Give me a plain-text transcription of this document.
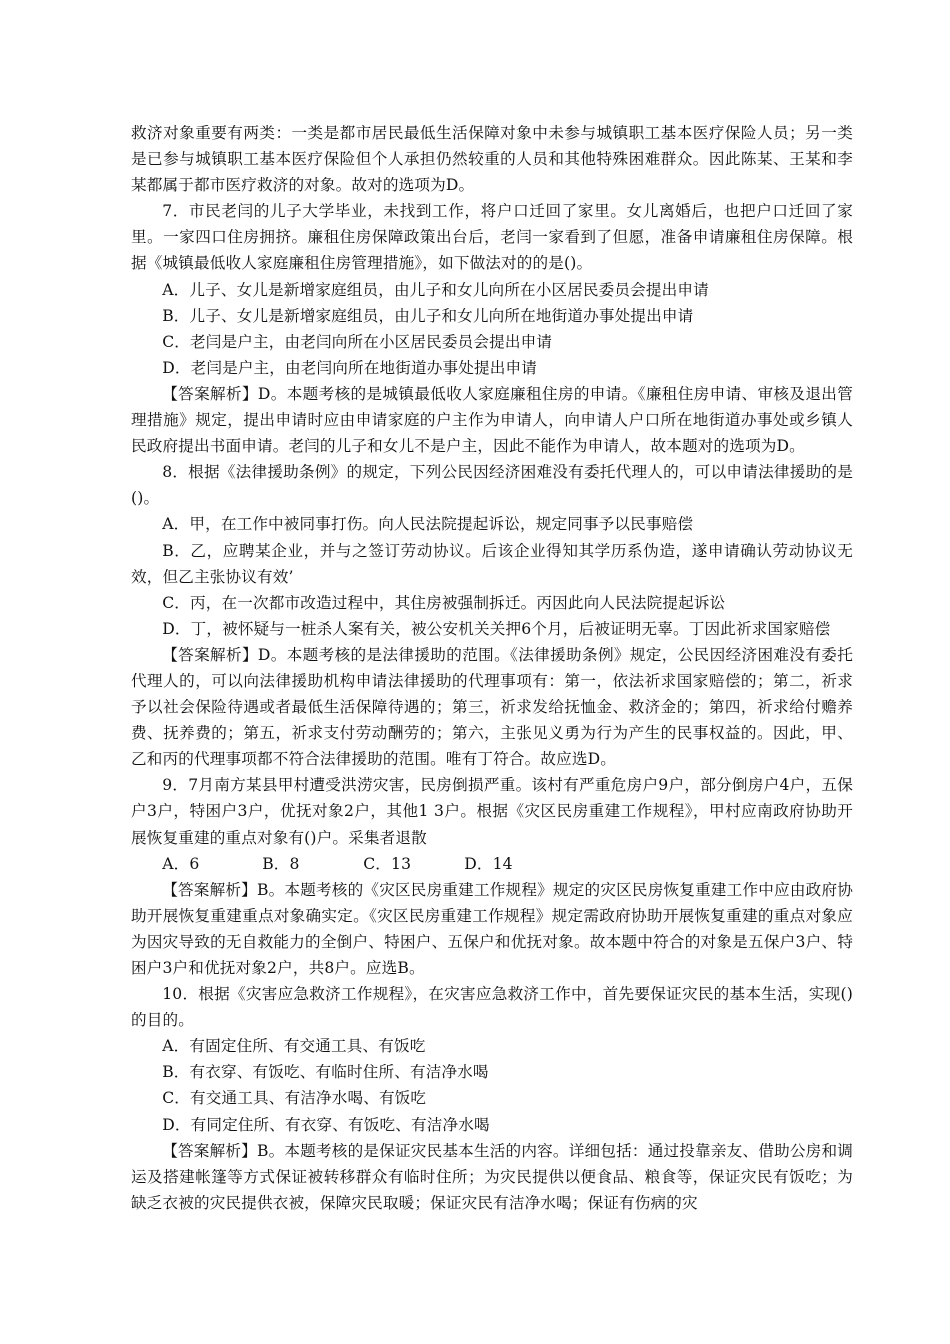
救济对象重要有两类：一类是都市居民最低生活保障对象中未参与城镇职工基本医疗保险人员；另一类是已参与城镇职工基本医疗保险但个人承担仍然较重的人员和其他特殊困难群众。因此陈某、王某和李某都属于都市医疗救济的对象。故对的选项为D。

7．市民老闫的儿子大学毕业，未找到工作，将户口迁回了家里。女儿离婚后，也把户口迁回了家里。一家四口住房拥挤。廉租住房保障政策出台后，老闫一家看到了但愿，准备申请廉租住房保障。根据《城镇最低收人家庭廉租住房管理措施》，如下做法对的的是()。

A．儿子、女儿是新增家庭组员，由儿子和女儿向所在小区居民委员会提出申请

B．儿子、女儿是新增家庭组员，由儿子和女儿向所在地街道办事处提出申请

C．老闫是户主，由老闫向所在小区居民委员会提出申请

D．老闫是户主，由老闫向所在地街道办事处提出申请

【答案解析】D。本题考核的是城镇最低收人家庭廉租住房的申请。《廉租住房申请、审核及退出管理措施》规定，提出申请时应由申请家庭的户主作为申请人，向申请人户口所在地街道办事处或乡镇人民政府提出书面申请。老闫的儿子和女儿不是户主，因此不能作为申请人，故本题对的选项为D。

8．根据《法律援助条例》的规定，下列公民因经济困难没有委托代理人的，可以申请法律援助的是()。

A．甲，在工作中被同事打伤。向人民法院提起诉讼，规定同事予以民事赔偿

B．乙，应聘某企业，并与之签订劳动协议。后该企业得知其学历系伪造，遂申请确认劳动协议无效，但乙主张协议有效’

C．丙，在一次都市改造过程中，其住房被强制拆迁。丙因此向人民法院提起诉讼

D．丁，被怀疑与一桩杀人案有关，被公安机关关押6个月，后被证明无辜。丁因此祈求国家赔偿

【答案解析】D。本题考核的是法律援助的范围。《法律援助条例》规定，公民因经济困难没有委托代理人的，可以向法律援助机构申请法律援助的代理事项有：第一，依法祈求国家赔偿的；第二，祈求予以社会保险待遇或者最低生活保障待遇的；第三，祈求发给抚恤金、救济金的；第四，祈求给付赡养费、抚养费的；第五，祈求支付劳动酬劳的；第六，主张见义勇为行为产生的民事权益的。因此，甲、乙和丙的代理事项都不符合法律援助的范围。唯有丁符合。故应选D。

9．7月南方某县甲村遭受洪涝灾害，民房倒损严重。该村有严重危房户9户，部分倒房户4户，五保户3户，特困户3户，优抚对象2户，其他1 3户。根据《灾区民房重建工作规程》，甲村应南政府协助开展恢复重建的重点对象有()户。采集者退散

A．6	B．8	C．13	D．14

【答案解析】B。本题考核的《灾区民房重建工作规程》规定的灾区民房恢复重建工作中应由政府协助开展恢复重建重点对象确实定。《灾区民房重建工作规程》规定需政府协助开展恢复重建的重点对象应为因灾导致的无自救能力的全倒户、特困户、五保户和优抚对象。故本题中符合的对象是五保户3户、特困户3户和优抚对象2户，共8户。应选B。

10．根据《灾害应急救济工作规程》，在灾害应急救济工作中，首先要保证灾民的基本生活，实现()的目的。

A．有固定住所、有交通工具、有饭吃

B．有衣穿、有饭吃、有临时住所、有洁净水喝

C．有交通工具、有洁净水喝、有饭吃

D．有同定住所、有衣穿、有饭吃、有洁净水喝

【答案解析】B。本题考核的是保证灾民基本生活的内容。详细包括：通过投靠亲友、借助公房和调运及搭建帐篷等方式保证被转移群众有临时住所；为灾民提供以便食品、粮食等，保证灾民有饭吃；为缺乏衣被的灾民提供衣被，保障灾民取暖；保证灾民有洁净水喝；保证有伤病的灾
